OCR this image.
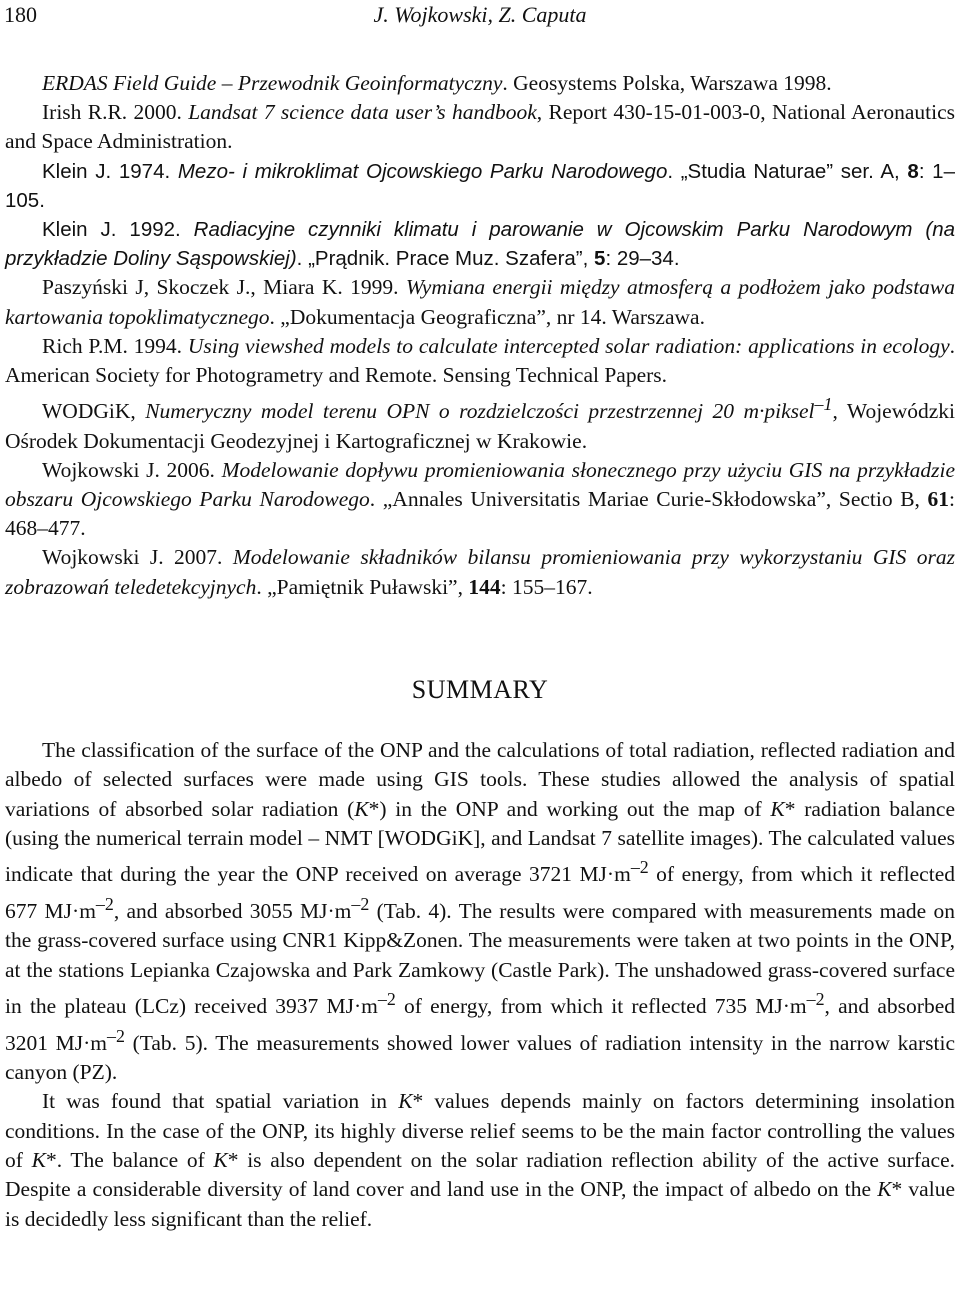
180	J. Wojkowski, Z. Caputa

ERDAS Field Guide – Przewodnik Geoinformatyczny. Geosystems Polska, Warszawa 1998.

Irish R.R. 2000. Landsat 7 science data user’s handbook, Report 430-15-01-003-0, National Aeronautics and Space Administration.

Klein J. 1974. Mezo- i mikroklimat Ojcowskiego Parku Narodowego. „Studia Naturae” ser. A, 8: 1–105.

Klein J. 1992. Radiacyjne czynniki klimatu i parowanie w Ojcowskim Parku Narodowym (na przykładzie Doliny Sąspowskiej). „Prądnik. Prace Muz. Szafera”, 5: 29–34.

Paszyński J, Skoczek J., Miara K. 1999. Wymiana energii między atmosferą a podłożem jako podstawa kartowania topoklimatycznego. „Dokumentacja Geograficzna”, nr 14. Warszawa.

Rich P.M. 1994. Using viewshed models to calculate intercepted solar radiation: applications in ecology. American Society for Photogrametry and Remote. Sensing Technical Papers.

WODGiK, Numeryczny model terenu OPN o rozdzielczości przestrzennej 20 m·piksel$^{-1}$, Wojewódzki Ośrodek Dokumentacji Geodezyjnej i Kartograficznej w Krakowie.

Wojkowski J. 2006. Modelowanie dopływu promieniowania słonecznego przy użyciu GIS na przykładzie obszaru Ojcowskiego Parku Narodowego. „Annales Universitatis Mariae Curie-Skłodowska”, Sectio B, 61: 468–477.

Wojkowski J. 2007. Modelowanie składników bilansu promieniowania przy wykorzystaniu GIS oraz zobrazowań teledetekcyjnych. „Pamiętnik Puławski”, 144: 155–167.

SUMMARY

The classification of the surface of the ONP and the calculations of total radiation, reflected radiation and albedo of selected surfaces were made using GIS tools. These studies allowed the analysis of spatial variations of absorbed solar radiation (K*) in the ONP and working out the map of K* radiation balance (using the numerical terrain model – NMT [WODGiK], and Landsat 7 satellite images). The calculated values indicate that during the year the ONP received on average 3721 $MJ\cdot m^{-2}$ of energy, from which it reflected 677 $MJ\cdot m^{-2}$, and absorbed 3055 $MJ\cdot m^{-2}$ (Tab. 4). The results were compared with measurements made on the grass-covered surface using CNR1 Kipp&Zonen. The measurements were taken at two points in the ONP, at the stations Lepianka Czajowska and Park Zamkowy (Castle Park). The unshadowed grass-covered surface in the plateau (LCz) received 3937 $MJ\cdot m^{-2}$ of energy, from which it reflected 735 $MJ\cdot m^{-2}$, and absorbed 3201 $MJ\cdot m^{-2}$ (Tab. 5). The measurements showed lower values of radiation intensity in the narrow karstic canyon (PZ).

It was found that spatial variation in K* values depends mainly on factors determining insolation conditions. In the case of the ONP, its highly diverse relief seems to be the main factor controlling the values of K*. The balance of K* is also dependent on the solar radiation reflection ability of the active surface. Despite a considerable diversity of land cover and land use in the ONP, the impact of albedo on the K* value is decidedly less significant than the relief.
